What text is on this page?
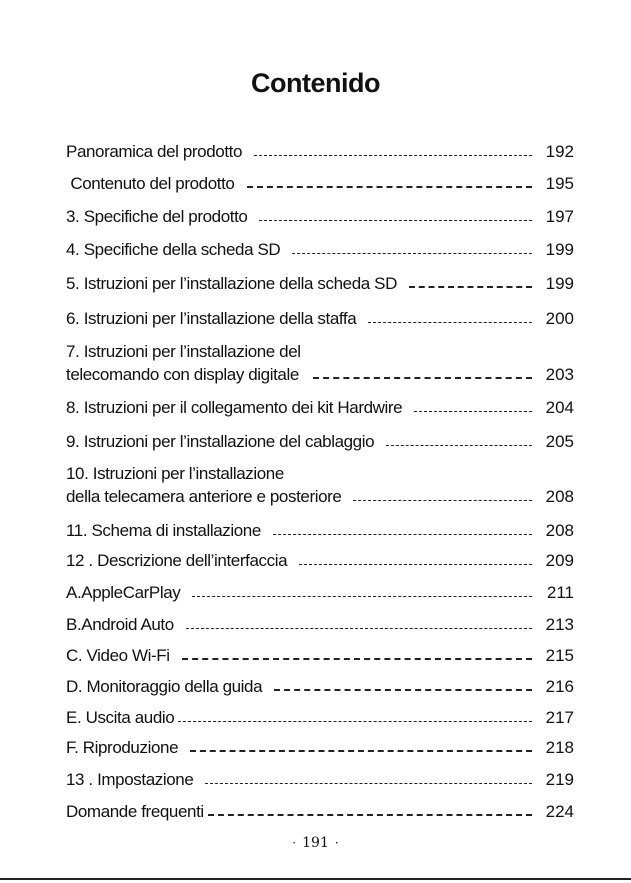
Contenido
Panoramica del prodotto	192
Contenuto del prodotto	195
3. Specifiche del prodotto	197
4. Specifiche della scheda SD	199
5. Istruzioni per l’installazione della scheda SD	199
6. Istruzioni per l’installazione della staffa	200
7. Istruzioni per l’installazione del
telecomando con display digitale	203
8. Istruzioni per il collegamento dei kit Hardwire	204
9. Istruzioni per l’installazione del cablaggio	205
10. Istruzioni per l’installazione
della telecamera anteriore e posteriore	208
11. Schema di installazione	208
12 . Descrizione dell’interfaccia	209
A.AppleCarPlay	211
B.Android Auto	213
C. Video Wi-Fi	215
D. Monitoraggio della guida	216
E. Uscita audio	217
F. Riproduzione	218
13 . Impostazione	219
Domande frequenti	224
· 191 ·
